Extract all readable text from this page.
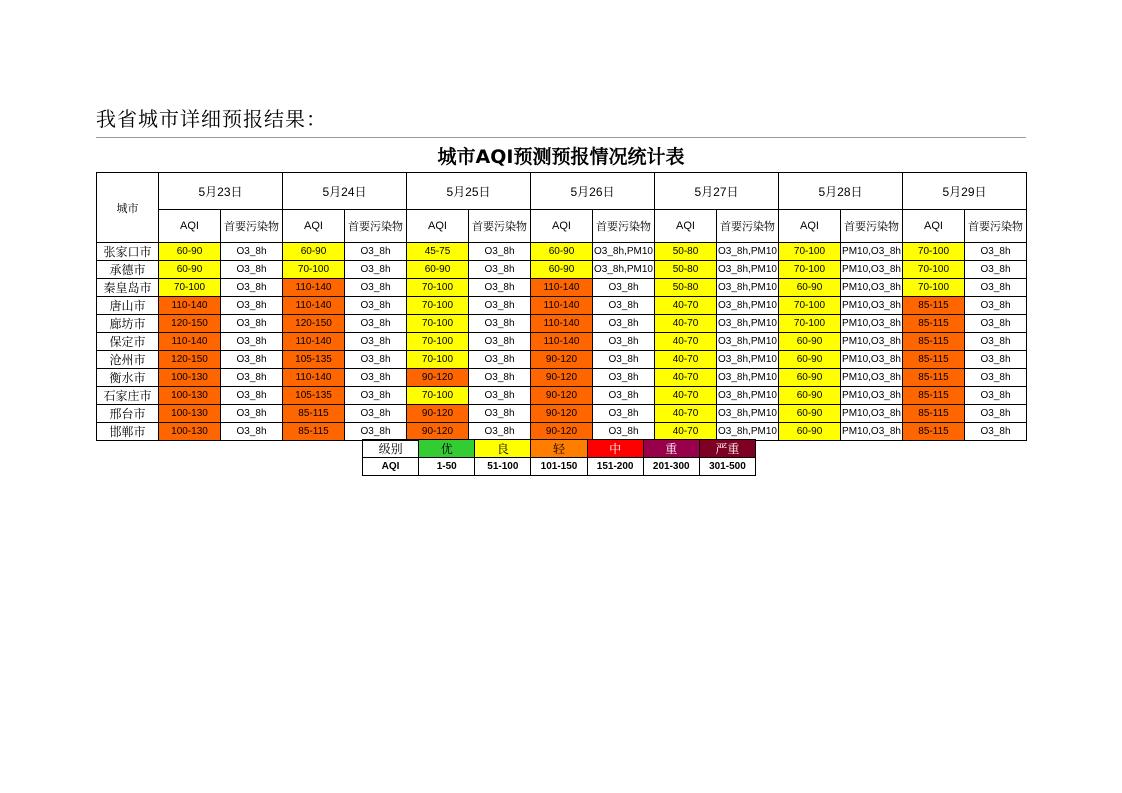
我省城市详细预报结果：
城市AQI预测预报情况统计表
城市	5月23日		5月24日		5月25日		5月26日		5月27日		5月28日		5月29日	
	AQI	首要污染物	AQI	首要污染物	AQI	首要污染物	AQI	首要污染物	AQI	首要污染物	AQI	首要污染物	AQI	首要污染物
张家口市	60-90	O3_8h	60-90	O3_8h	45-75	O3_8h	60-90	O3_8h,PM10	50-80	O3_8h,PM10	70-100	PM10,O3_8h	70-100	O3_8h
承德市	60-90	O3_8h	70-100	O3_8h	60-90	O3_8h	60-90	O3_8h,PM10	50-80	O3_8h,PM10	70-100	PM10,O3_8h	70-100	O3_8h
秦皇岛市	70-100	O3_8h	110-140	O3_8h	70-100	O3_8h	110-140	O3_8h	50-80	O3_8h,PM10	60-90	PM10,O3_8h	70-100	O3_8h
唐山市	110-140	O3_8h	110-140	O3_8h	70-100	O3_8h	110-140	O3_8h	40-70	O3_8h,PM10	70-100	PM10,O3_8h	85-115	O3_8h
廊坊市	120-150	O3_8h	120-150	O3_8h	70-100	O3_8h	110-140	O3_8h	40-70	O3_8h,PM10	70-100	PM10,O3_8h	85-115	O3_8h
保定市	110-140	O3_8h	110-140	O3_8h	70-100	O3_8h	110-140	O3_8h	40-70	O3_8h,PM10	60-90	PM10,O3_8h	85-115	O3_8h
沧州市	120-150	O3_8h	105-135	O3_8h	70-100	O3_8h	90-120	O3_8h	40-70	O3_8h,PM10	60-90	PM10,O3_8h	85-115	O3_8h
衡水市	100-130	O3_8h	110-140	O3_8h	90-120	O3_8h	90-120	O3_8h	40-70	O3_8h,PM10	60-90	PM10,O3_8h	85-115	O3_8h
石家庄市	100-130	O3_8h	105-135	O3_8h	70-100	O3_8h	90-120	O3_8h	40-70	O3_8h,PM10	60-90	PM10,O3_8h	85-115	O3_8h
邢台市	100-130	O3_8h	85-115	O3_8h	90-120	O3_8h	90-120	O3_8h	40-70	O3_8h,PM10	60-90	PM10,O3_8h	85-115	O3_8h
邯郸市	100-130	O3_8h	85-115	O3_8h	90-120	O3_8h	90-120	O3_8h	40-70	O3_8h,PM10	60-90	PM10,O3_8h	85-115	O3_8h
级别	优	良	轻	中	重	严重
AQI	1-50	51-100	101-150	151-200	201-300	301-500
